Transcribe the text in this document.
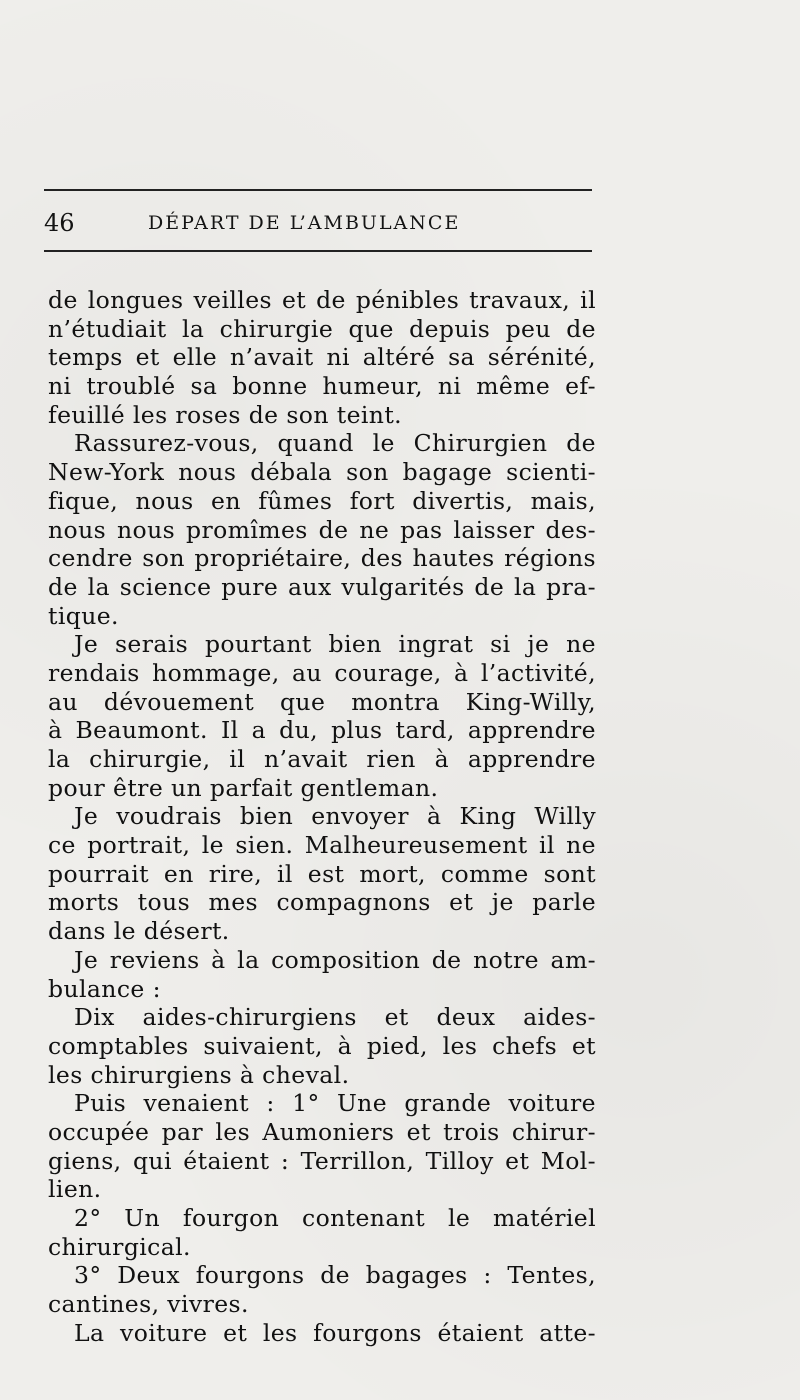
46	DÉPART DE L’AMBULANCE
de longues veilles et de pénibles travaux, il
n’étudiait la chirurgie que depuis peu de
temps et elle n’avait ni altéré sa sérénité,
ni troublé sa bonne humeur, ni même ef-
feuillé les roses de son teint.
Rassurez-vous, quand le Chirurgien de
New-York nous débala son bagage scienti-
fique, nous en fûmes fort divertis, mais,
nous nous promîmes de ne pas laisser des-
cendre son propriétaire, des hautes régions
de la science pure aux vulgarités de la pra-
tique.
Je serais pourtant bien ingrat si je ne
rendais hommage, au courage, à l’activité,
au dévouement que montra King-Willy,
à Beaumont. Il a du, plus tard, apprendre
la chirurgie, il n’avait rien à apprendre
pour être un parfait gentleman.
Je voudrais bien envoyer à King Willy
ce portrait, le sien. Malheureusement il ne
pourrait en rire, il est mort, comme sont
morts tous mes compagnons et je parle
dans le désert.
Je reviens à la composition de notre am-
bulance :
Dix aides-chirurgiens et deux aides-
comptables suivaient, à pied, les chefs et
les chirurgiens à cheval.
Puis venaient : 1° Une grande voiture
occupée par les Aumoniers et trois chirur-
giens, qui étaient : Terrillon, Tilloy et Mol-
lien.
2° Un fourgon contenant le matériel
chirurgical.
3° Deux fourgons de bagages : Tentes,
cantines, vivres.
La voiture et les fourgons étaient atte-
